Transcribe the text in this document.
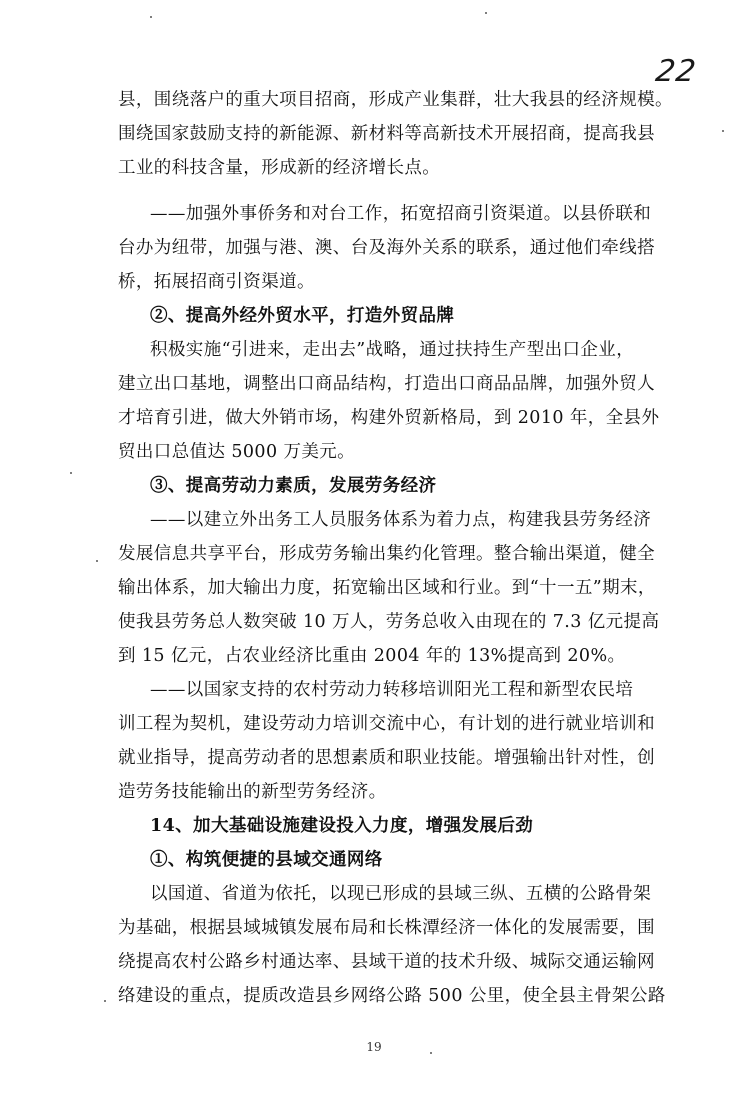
22
县，围绕落户的重大项目招商，形成产业集群，壮大我县的经济规模。
围绕国家鼓励支持的新能源、新材料等高新技术开展招商，提高我县
工业的科技含量，形成新的经济增长点。
——加强外事侨务和对台工作，拓宽招商引资渠道。以县侨联和
台办为纽带，加强与港、澳、台及海外关系的联系，通过他们牵线搭
桥，拓展招商引资渠道。
②、提高外经外贸水平，打造外贸品牌
积极实施“引进来，走出去”战略，通过扶持生产型出口企业，
建立出口基地，调整出口商品结构，打造出口商品品牌，加强外贸人
才培育引进，做大外销市场，构建外贸新格局，到 2010 年，全县外
贸出口总值达 5000 万美元。
③、提高劳动力素质，发展劳务经济
——以建立外出务工人员服务体系为着力点，构建我县劳务经济
发展信息共享平台，形成劳务输出集约化管理。整合输出渠道，健全
输出体系，加大输出力度，拓宽输出区域和行业。到“十一五”期末，
使我县劳务总人数突破 10 万人，劳务总收入由现在的 7.3 亿元提高
到 15 亿元，占农业经济比重由 2004 年的 13%提高到 20%。
——以国家支持的农村劳动力转移培训阳光工程和新型农民培
训工程为契机，建设劳动力培训交流中心，有计划的进行就业培训和
就业指导，提高劳动者的思想素质和职业技能。增强输出针对性，创
造劳务技能输出的新型劳务经济。
14、加大基础设施建设投入力度，增强发展后劲
①、构筑便捷的县域交通网络
以国道、省道为依托，以现已形成的县域三纵、五横的公路骨架
为基础，根据县域城镇发展布局和长株潭经济一体化的发展需要，围
绕提高农村公路乡村通达率、县域干道的技术升级、城际交通运输网
络建设的重点，提质改造县乡网络公路 500 公里，使全县主骨架公路
19
